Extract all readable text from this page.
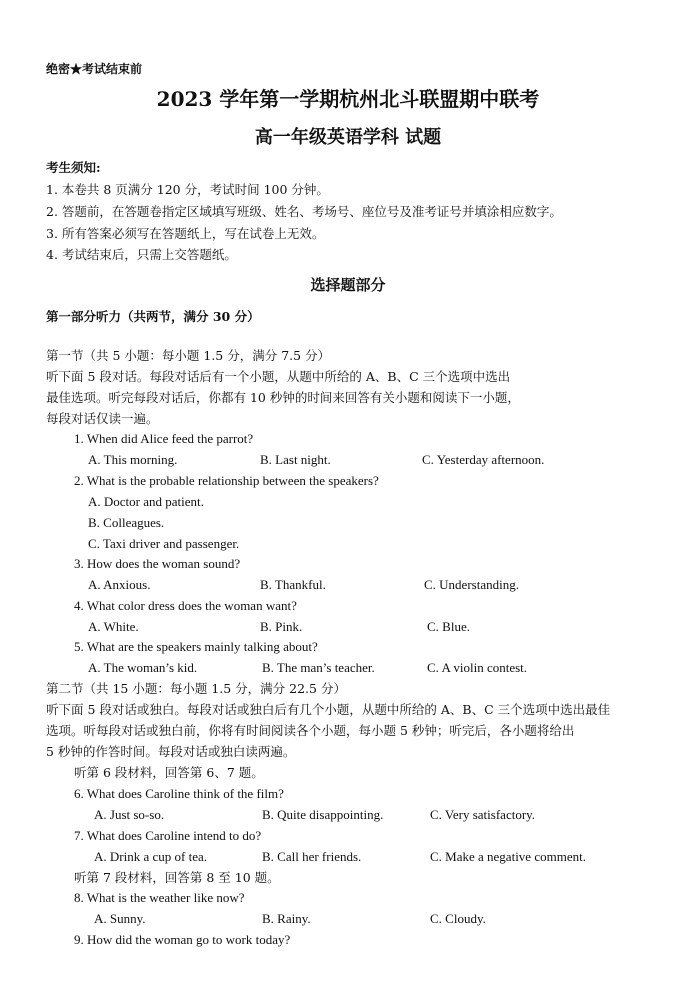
绝密★考试结束前
2023 学年第一学期杭州北斗联盟期中联考
高一年级英语学科 试题
考生须知:
1. 本卷共 8 页满分 120 分，考试时间 100 分钟。
2. 答题前，在答题卷指定区域填写班级、姓名、考场号、座位号及准考证号并填涂相应数字。
3. 所有答案必须写在答题纸上，写在试卷上无效。
4. 考试结束后，只需上交答题纸。
选择题部分
第一部分听力（共两节，满分 30 分）
第一节（共 5 小题：每小题 1.5 分，满分 7.5 分）
听下面 5 段对话。每段对话后有一个小题，从题中所给的 A、B、C 三个选项中选出
最佳选项。听完每段对话后，你都有 10 秒钟的时间来回答有关小题和阅读下一小题，
每段对话仅读一遍。
1. When did Alice feed the parrot?
A. This morning.	B. Last night.	C. Yesterday afternoon.
2. What is the probable relationship between the speakers?
A. Doctor and patient.
B. Colleagues.
C. Taxi driver and passenger.
3. How does the woman sound?
A. Anxious.	B. Thankful.	C. Understanding.
4. What color dress does the woman want?
A. White.	B. Pink.	C. Blue.
5. What are the speakers mainly talking about?
A. The woman’s kid.	B. The man’s teacher.	C. A violin contest.
第二节（共 15 小题：每小题 1.5 分，满分 22.5 分）
听下面 5 段对话或独白。每段对话或独白后有几个小题，从题中所给的 A、B、C 三个选项中选出最佳
选项。听每段对话或独白前，你将有时间阅读各个小题，每小题 5 秒钟；听完后，各小题将给出
5 秒钟的作答时间。每段对话或独白读两遍。
听第 6 段材料，回答第 6、7 题。
6. What does Caroline think of the film?
A. Just so-so.	B. Quite disappointing.	C. Very satisfactory.
7. What does Caroline intend to do?
A. Drink a cup of tea.	B. Call her friends.	C. Make a negative comment.
听第 7 段材料，回答第 8 至 10 题。
8. What is the weather like now?
A. Sunny.	B. Rainy.	C. Cloudy.
9. How did the woman go to work today?
